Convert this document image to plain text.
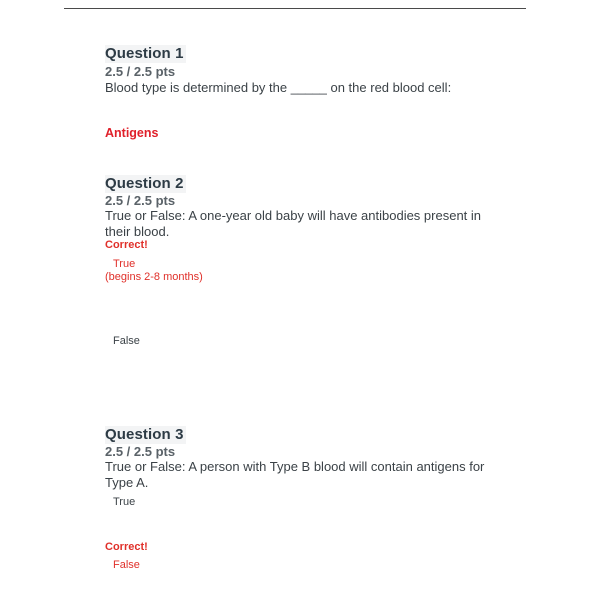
Question 1
2.5 / 2.5 pts
Blood type is determined by the _____ on the red blood cell:
Antigens
Question 2
2.5 / 2.5 pts
True or False: A one-year old baby will have antibodies present in their blood.
Correct!
True
(begins 2-8 months)
False
Question 3
2.5 / 2.5 pts
True or False: A person with Type B blood will contain antigens for Type A.
True
Correct!
False
